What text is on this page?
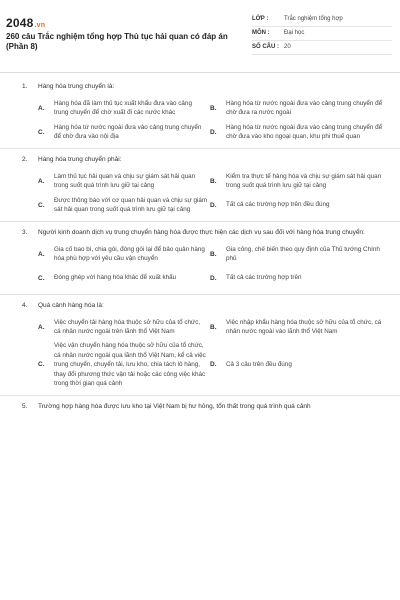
2048.vn
260 câu Trắc nghiệm tổng hợp Thủ tục hải quan có đáp án (Phần 8)
LỚP :	Trắc nghiệm tổng hợp
MÔN : Đại học
SỐ CÂU : 20
1. Hàng hóa trung chuyển là:
A.
Hàng hóa đã làm thủ tục xuất khẩu đưa vào cảng trung chuyển để chờ xuất đi các nước khác
B.
Hàng hóa từ nước ngoài đưa vào cảng trung chuyển để chờ đưa ra nước ngoài
C.
Hàng hóa từ nước ngoài đưa vào cảng trung chuyển để chờ đưa vào nội địa
D.
Hàng hóa từ nước ngoài đưa vào cảng trung chuyển để chờ đưa vào kho ngoại quan, khu phi thuế quan
2. Hàng hóa trung chuyển phải:
A.
Làm thủ tục hải quan và chịu sự giám sát hải quan trong suốt quá trình lưu giữ tại cảng
B.
Kiểm tra thực tế hàng hóa và chịu sự giám sát hải quan trong suốt quá trình lưu giữ tại cảng
C.
Được thông báo với cơ quan hải quan và chịu sự giám sát hải quan trong suốt quá trình lưu giữ tại cảng
D.	Tất cả các trường hợp trên đều đúng
3. Người kinh doanh dịch vụ trung chuyển hàng hóa được thực hiện các dịch vụ sau đối với hàng hóa trung chuyển:
A.
Gia cố bao bì, chia gói, đóng gói lại để bảo quản hàng hóa phù hợp với yêu cầu vận chuyển
B.
Gia công, chế biến theo quy định của Thủ tướng Chính phủ
C.	Đóng ghép với hàng hóa khác để xuất khẩu	D.	Tất cả các trường hợp trên
4. Quá cảnh hàng hóa là:
A.
Việc chuyển tải hàng hóa thuộc sở hữu của tổ chức, cá nhân nước ngoài trên lãnh thổ Việt Nam
B.
Việc nhập khẩu hàng hóa thuộc sở hữu của tổ chức, cá nhân nước ngoài vào lãnh thổ Việt Nam
C.
Việc vận chuyển hàng hóa thuộc sở hữu của tổ chức, cá nhân nước ngoài qua lãnh thổ Việt Nam, kể cả việc trung chuyển, chuyển tải, lưu kho, chia tách lô hàng, thay đổi phương thức vận tải hoặc các công việc khác trong thời gian quá cảnh
D.	Cả 3 câu trên đều đúng
5. Trường hợp hàng hóa được lưu kho tại Việt Nam bị hư hỏng, tổn thất trong quá trình quá cảnh
